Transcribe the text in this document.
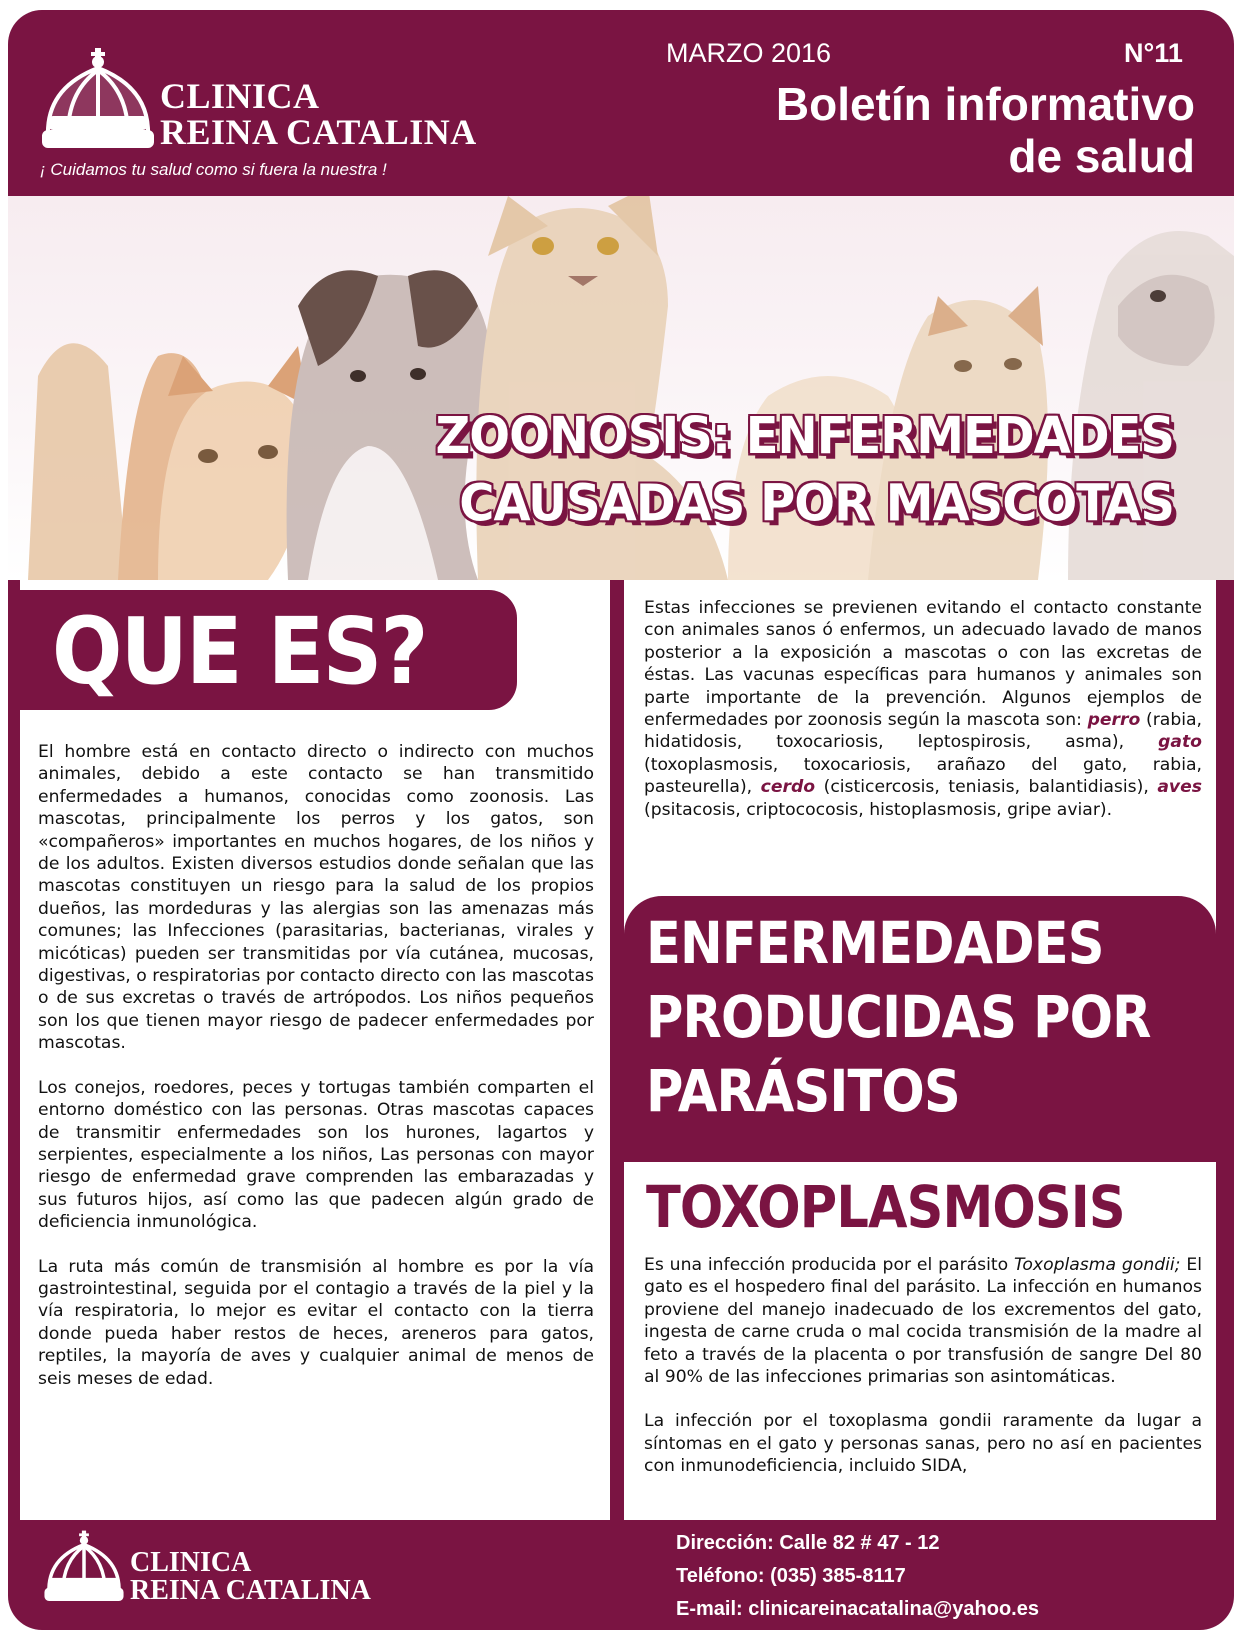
CLINICA
REINA CATALINA
¡ Cuidamos tu salud como si fuera la nuestra !
MARZO 2016	N°11
Boletín informativo
de salud
ZOONOSIS: ENFERMEDADES
CAUSADAS POR MASCOTAS
QUE ES?

El hombre está en contacto directo o indirecto con muchos animales, debido a este contacto se han transmitido enfermedades a humanos, conocidas como zoonosis. Las mascotas, principalmente los perros y los gatos, son «compañeros» importantes en muchos hogares, de los niños y de los adultos. Existen diversos estudios donde señalan que las mascotas constituyen un riesgo para la salud de los propios dueños, las mordeduras y las alergias son las amenazas más comunes; las Infecciones (parasitarias, bacterianas, virales y micóticas) pueden ser transmitidas por vía cutánea, mucosas, digestivas, o respiratorias por contacto directo con las mascotas o de sus excretas o través de artrópodos. Los niños pequeños son los que tienen mayor riesgo de padecer enfermedades por mascotas.

Los conejos, roedores, peces y tortugas también comparten el entorno doméstico con las personas. Otras mascotas capaces de transmitir enfermedades son los hurones, lagartos y serpientes, especialmente a los niños, Las personas con mayor riesgo de enfermedad grave comprenden las embarazadas y sus futuros hijos, así como las que padecen algún grado de deficiencia inmunológica.

La ruta más común de transmisión al hombre es por la vía gastrointestinal, seguida por el contagio a través de la piel y la vía respiratoria, lo mejor es evitar el contacto con la tierra donde pueda haber restos de heces, areneros para gatos, reptiles, la mayoría de aves y cualquier animal de menos de seis meses de edad.

Estas infecciones se previenen evitando el contacto constante con animales sanos ó enfermos, un adecuado lavado de manos posterior a la exposición a mascotas o con las excretas de éstas. Las vacunas específicas para humanos y animales son parte importante de la prevención. Algunos ejemplos de enfermedades por zoonosis según la mascota son: perro (rabia, hidatidosis, toxocariosis, leptospirosis, asma), gato (toxoplasmosis, toxocariosis, arañazo del gato, rabia, pasteurella), cerdo (cisticercosis, teniasis, balantidiasis), aves (psitacosis, criptococosis, histoplasmosis, gripe aviar).

ENFERMEDADES
PRODUCIDAS POR
PARÁSITOS
TOXOPLASMOSIS

Es una infección producida por el parásito Toxoplasma gondii; El gato es el hospedero final del parásito. La infección en humanos proviene del manejo inadecuado de los excrementos del gato, ingesta de carne cruda o mal cocida transmisión de la madre al feto a través de la placenta o por transfusión de sangre Del 80 al 90% de las infecciones primarias son asintomáticas.

La infección por el toxoplasma gondii raramente da lugar a síntomas en el gato y personas sanas, pero no así en pacientes con inmunodeficiencia, incluido SIDA,

CLINICA
REINA CATALINA
Dirección: Calle 82 # 47 - 12
Teléfono: (035) 385-8117
E-mail: clinicareinacatalina@yahoo.es
